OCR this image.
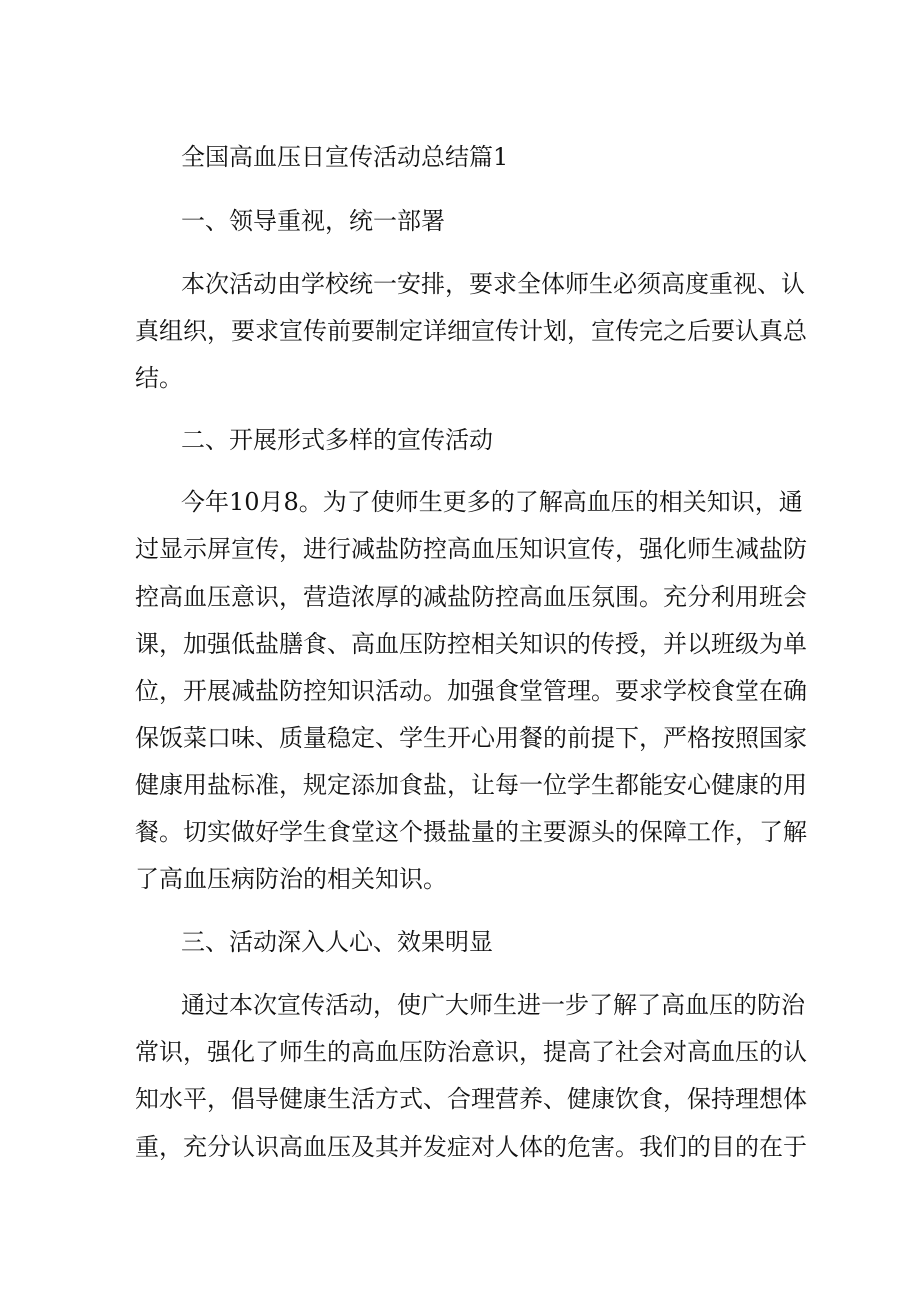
全国高血压日宣传活动总结篇1
一、领导重视，统一部署
本次活动由学校统一安排，要求全体师生必须高度重视、认
真组织，要求宣传前要制定详细宣传计划，宣传完之后要认真总
结。
二、开展形式多样的宣传活动
今年10月8。为了使师生更多的了解高血压的相关知识，通
过显示屏宣传，进行减盐防控高血压知识宣传，强化师生减盐防
控高血压意识，营造浓厚的减盐防控高血压氛围。充分利用班会
课，加强低盐膳食、高血压防控相关知识的传授，并以班级为单
位，开展减盐防控知识活动。加强食堂管理。要求学校食堂在确
保饭菜口味、质量稳定、学生开心用餐的前提下，严格按照国家
健康用盐标准，规定添加食盐，让每一位学生都能安心健康的用
餐。切实做好学生食堂这个摄盐量的主要源头的保障工作，了解
了高血压病防治的相关知识。
三、活动深入人心、效果明显
通过本次宣传活动，使广大师生进一步了解了高血压的防治
常识，强化了师生的高血压防治意识，提高了社会对高血压的认
知水平，倡导健康生活方式、合理营养、健康饮食，保持理想体
重，充分认识高血压及其并发症对人体的危害。我们的目的在于
